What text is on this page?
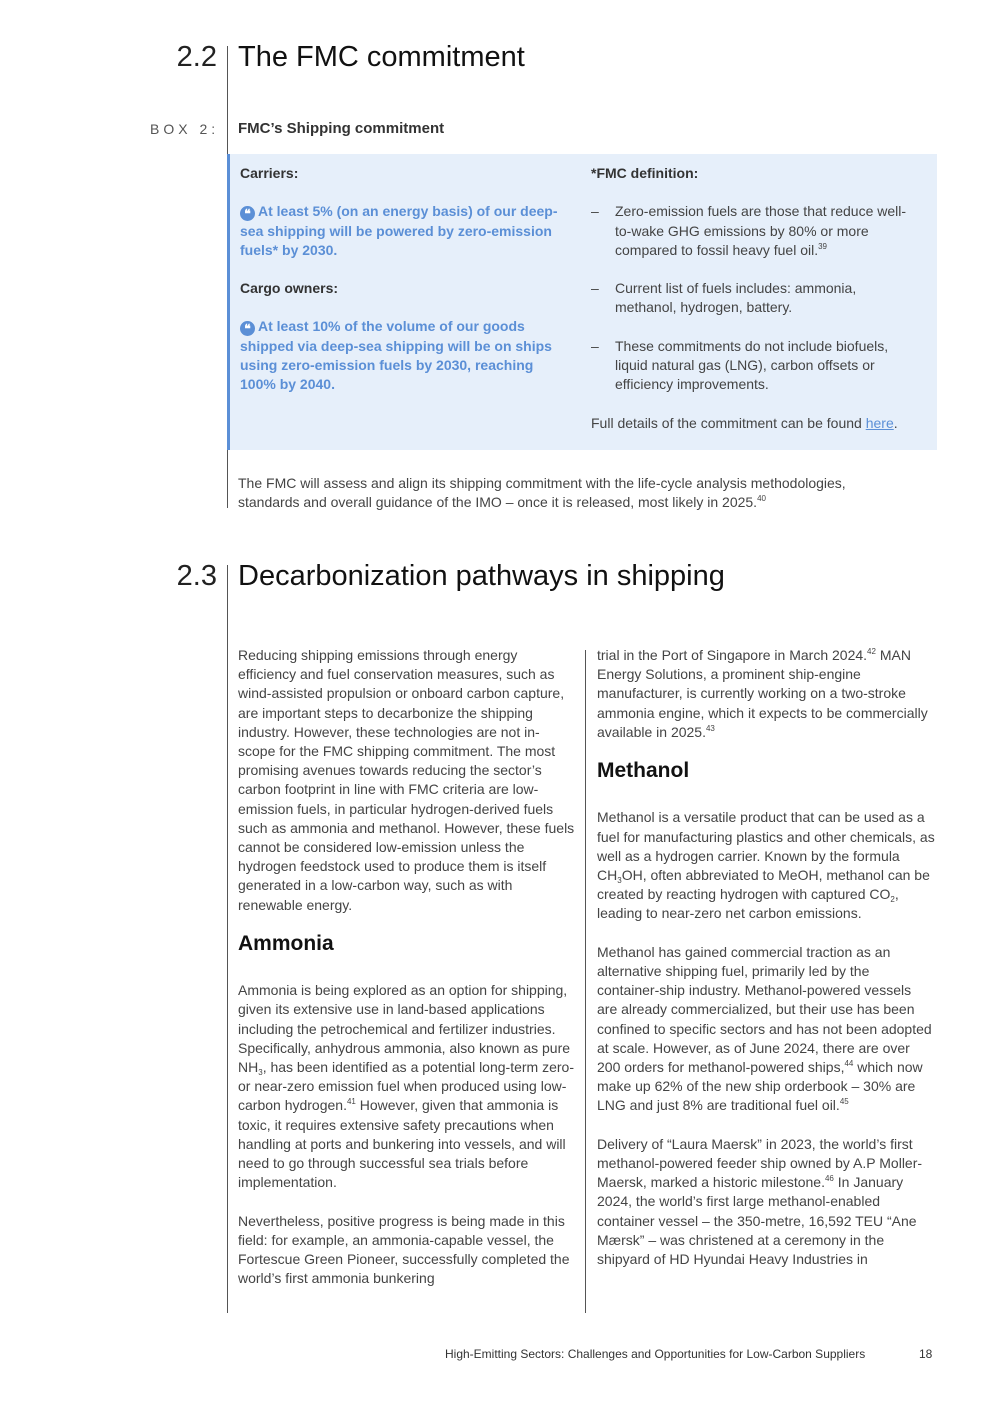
2.2 The FMC commitment
BOX 2: FMC’s Shipping commitment

Carriers:

❝ At least 5% (on an energy basis) of our deep-sea shipping will be powered by zero-emission fuels* by 2030.

Cargo owners:

❝ At least 10% of the volume of our goods shipped via deep-sea shipping will be on ships using zero-emission fuels by 2030, reaching 100% by 2040.

*FMC definition:

– Zero-emission fuels are those that reduce well-to-wake GHG emissions by 80% or more compared to fossil heavy fuel oil.$^{39}$
– Current list of fuels includes: ammonia, methanol, hydrogen, battery.
– These commitments do not include biofuels, liquid natural gas (LNG), carbon offsets or efficiency improvements.

Full details of the commitment can be found here.

The FMC will assess and align its shipping commitment with the life-cycle analysis methodologies, standards and overall guidance of the IMO – once it is released, most likely in 2025.40
2.3 Decarbonization pathways in shipping

Reducing shipping emissions through energy efficiency and fuel conservation measures, such as wind-assisted propulsion or onboard carbon capture, are important steps to decarbonize the shipping industry. However, these technologies are not in-scope for the FMC shipping commitment. The most promising avenues towards reducing the sector’s carbon footprint in line with FMC criteria are low-emission fuels, in particular hydrogen-derived fuels such as ammonia and methanol. However, these fuels cannot be considered low-emission unless the hydrogen feedstock used to produce them is itself generated in a low-carbon way, such as with renewable energy.

Ammonia

Ammonia is being explored as an option for shipping, given its extensive use in land-based applications including the petrochemical and fertilizer industries. Specifically, anhydrous ammonia, also known as pure $NH_3$, has been identified as a potential long-term zero- or near-zero emission fuel when produced using low-carbon hydrogen.$^{41}$ However, given that ammonia is toxic, it requires extensive safety precautions when handling at ports and bunkering into vessels, and will need to go through successful sea trials before implementation.

Nevertheless, positive progress is being made in this field: for example, an ammonia-capable vessel, the Fortescue Green Pioneer, successfully completed the world’s first ammonia bunkering

trial in the Port of Singapore in March 2024.42 MAN Energy Solutions, a prominent ship-engine manufacturer, is currently working on a two-stroke ammonia engine, which it expects to be commercially available in 2025.43

Methanol

Methanol is a versatile product that can be used as a fuel for manufacturing plastics and other chemicals, as well as a hydrogen carrier. Known by the formula $CH_3OH$, often abbreviated to MeOH, methanol can be created by reacting hydrogen with captured $CO_2$, leading to near-zero net carbon emissions.

Methanol has gained commercial traction as an alternative shipping fuel, primarily led by the container-ship industry. Methanol-powered vessels are already commercialized, but their use has been confined to specific sectors and has not been adopted at scale. However, as of June 2024, there are over 200 orders for methanol-powered ships,$^{44}$ which now make up 62% of the new ship orderbook – 30% are LNG and just 8% are traditional fuel oil.$^{45}$

Delivery of “Laura Maersk” in 2023, the world’s first methanol-powered feeder ship owned by A.P Moller-Maersk, marked a historic milestone.$^{46}$ In January 2024, the world’s first large methanol-enabled container vessel – the 350-metre, 16,592 TEU “Ane Mærsk” – was christened at a ceremony in the shipyard of HD Hyundai Heavy Industries in

High-Emitting Sectors: Challenges and Opportunities for Low-Carbon Suppliers	18
